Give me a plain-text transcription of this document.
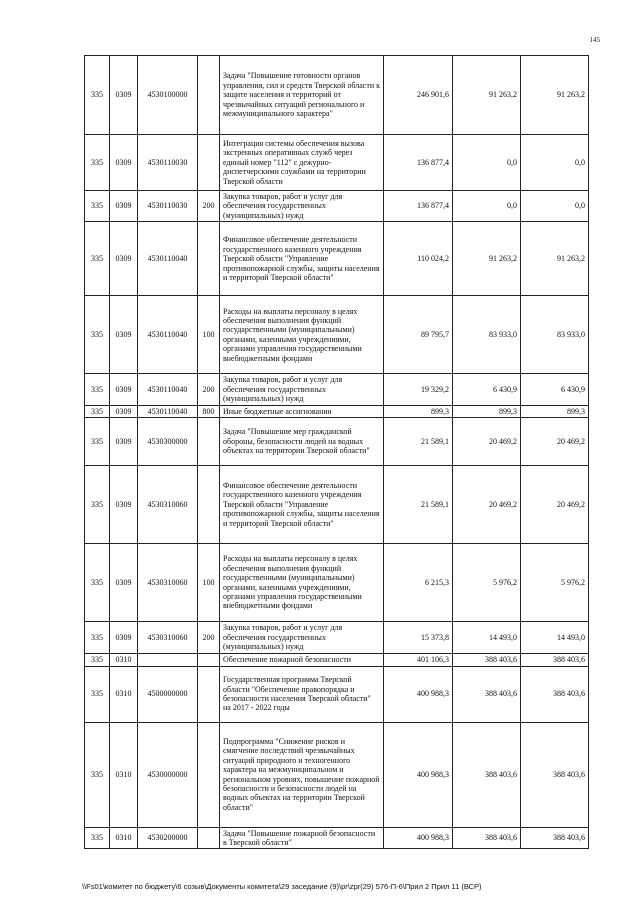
145
335	0309	4530100000		Задача "Повышение готовности органов управления, сил и средств Тверской области к защите населения и территорий от чрезвычайных ситуаций регионального и межмуниципального характера"	246 901,6	91 263,2	91 263,2
335	0309	4530110030		Интеграция системы обеспечения вызова экстренных оперативных служб через единый номер "112" с дежурно-диспетчерскими службами на территории Тверской области	136 877,4	0,0	0,0
335	0309	4530110030	200	Закупка товаров, работ и услуг для обеспечения государственных (муниципальных) нужд	136 877,4	0,0	0,0
335	0309	4530110040		Финансовое обеспечение деятельности государственного казенного учреждения Тверской области "Управление противопожарной службы, защиты населения и территорий Тверской области"	110 024,2	91 263,2	91 263,2
335	0309	4530110040	100	Расходы на выплаты персоналу в целях обеспечения выполнения функций государственными (муниципальными) органами, казенными учреждениями, органами управления государственными внебюджетными фондами	89 795,7	83 933,0	83 933,0
335	0309	4530110040	200	Закупка товаров, работ и услуг для обеспечения государственных (муниципальных) нужд	19 329,2	6 430,9	6 430,9
335	0309	4530110040	800	Иные бюджетные ассигнования	899,3	899,3	899,3
335	0309	4530300000		Задача "Повышение мер гражданской обороны, безопасности людей на водных объектах на территории Тверской области"	21 589,1	20 469,2	20 469,2
335	0309	4530310060		Финансовое обеспечение деятельности государственного казенного учреждения Тверской области "Управление противопожарной службы, защиты населения и территорий Тверской области"	21 589,1	20 469,2	20 469,2
335	0309	4530310060	100	Расходы на выплаты персоналу в целях обеспечения выполнения функций государственными (муниципальными) органами, казенными учреждениями, органами управления государственными внебюджетными фондами	6 215,3	5 976,2	5 976,2
335	0309	4530310060	200	Закупка товаров, работ и услуг для обеспечения государственных (муниципальных) нужд	15 373,8	14 493,0	14 493,0
335	0310			Обеспечение пожарной безопасности	401 106,3	388 403,6	388 403,6
335	0310	4500000000		Государственная программа Тверской области "Обеспечение правопорядка и безопасности населения Тверской области" на 2017 - 2022 годы	400 988,3	388 403,6	388 403,6
335	0310	4530000000		Подпрограмма "Снижение рисков и смягчение последствий чрезвычайных ситуаций природного и техногенного характера на межмуниципальном и региональном уровнях, повышение пожарной безопасности и безопасности людей на водных объектах на территории Тверской области"	400 988,3	388 403,6	388 403,6
335	0310	4530200000		Задача "Повышение пожарной безопасности в Тверской области"	400 988,3	388 403,6	388 403,6
\\Fs01\комитет по бюджету\6 созыв\Документы комитета\29 заседание (9)\pr\zpr(29) 576-П-6\Прил 2 Прил 11 (ВСР)
